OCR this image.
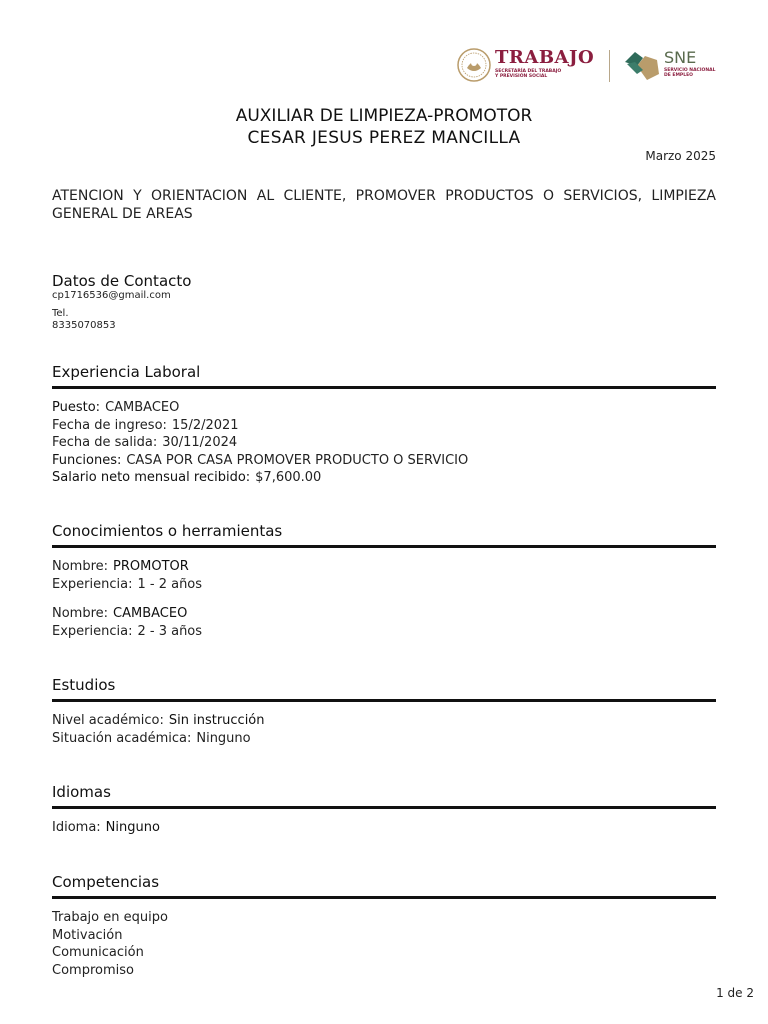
TRABAJO
SECRETARÍA DEL TRABAJO
Y PREVISIÓN SOCIAL
SNE
SERVICIO NACIONAL
DE EMPLEO
AUXILIAR DE LIMPIEZA-PROMOTOR
CESAR JESUS PEREZ MANCILLA
Marzo 2025
ATENCION Y ORIENTACION AL CLIENTE, PROMOVER PRODUCTOS O SERVICIOS, LIMPIEZA GENERAL DE AREAS
Datos de Contacto
cp1716536@gmail.com
Tel.
8335070853
Experiencia Laboral
Puesto: CAMBACEO
Fecha de ingreso: 15/2/2021
Fecha de salida: 30/11/2024
Funciones: CASA POR CASA PROMOVER PRODUCTO O SERVICIO
Salario neto mensual recibido: $7,600.00
Conocimientos o herramientas
Nombre: PROMOTOR
Experiencia: 1 - 2 años
Nombre: CAMBACEO
Experiencia: 2 - 3 años
Estudios
Nivel académico: Sin instrucción
Situación académica: Ninguno
Idiomas
Idioma: Ninguno
Competencias
Trabajo en equipo
Motivación
Comunicación
Compromiso
1 de 2
